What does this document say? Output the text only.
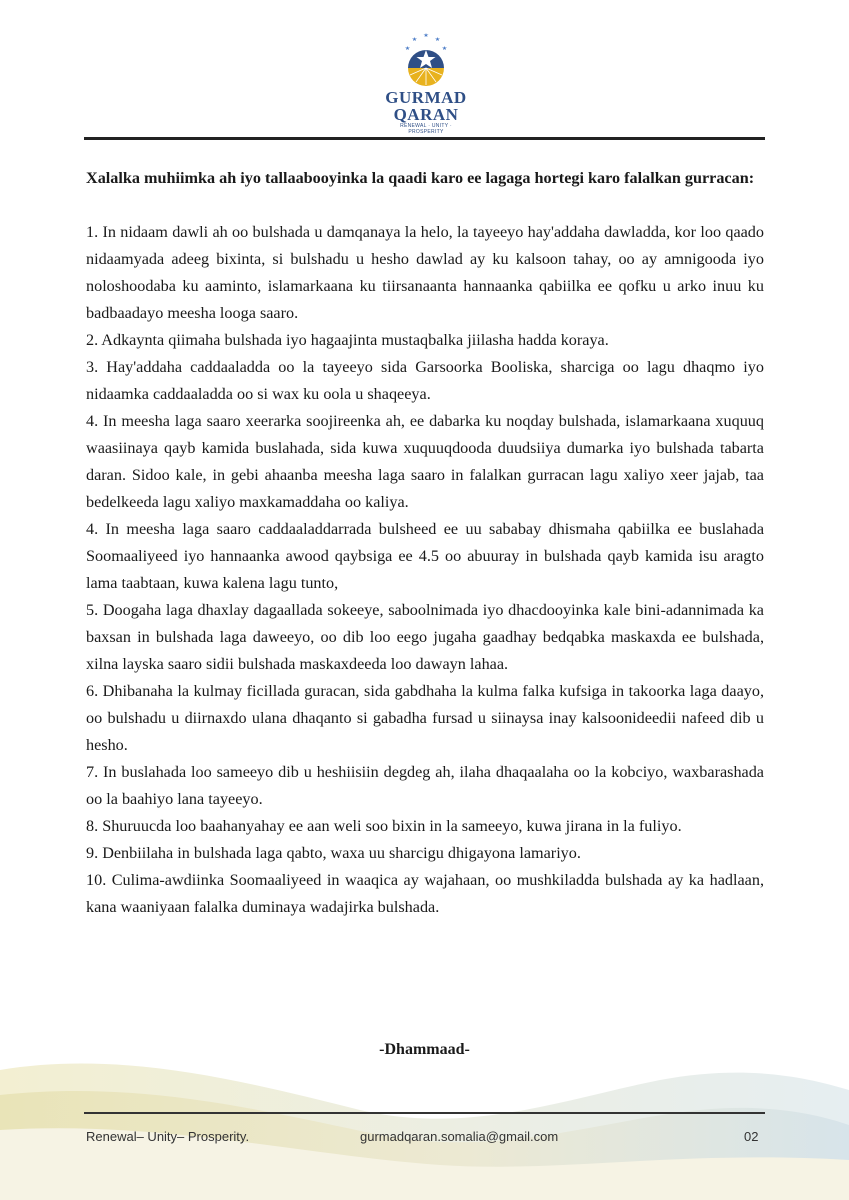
GURMAD
QARAN
RENEWAL · UNITY · PROSPERITY

Xalalka muhiimka ah iyo tallaabooyinka la qaadi karo ee lagaga hortegi karo falalkan gurracan:

1. In nidaam dawli ah oo bulshada u damqanaya la helo, la tayeeyo hay'addaha dawladda, kor loo qaado nidaamyada adeeg bixinta, si bulshadu u hesho dawlad ay ku kalsoon tahay, oo ay amnigooda iyo noloshoodaba ku aaminto, islamarkaana ku tiirsanaanta hannaanka qabiilka ee qofku u arko inuu ku badbaadayo meesha looga saaro.

2. Adkaynta qiimaha bulshada iyo hagaajinta mustaqbalka jiilasha hadda koraya.

3. Hay'addaha caddaaladda oo la tayeeyo sida Garsoorka Booliska, sharciga oo lagu dhaqmo iyo nidaamka caddaaladda oo si wax ku oola u shaqeeya.

4. In meesha laga saaro xeerarka soojireenka ah, ee dabarka ku noqday bulshada, islamarkaana xuquuq waasiinaya qayb kamida buslahada, sida kuwa xuquuqdooda duudsiiya dumarka iyo bulshada tabarta daran. Sidoo kale, in gebi ahaanba meesha laga saaro in falalkan gurracan lagu xaliyo xeer jajab, taa bedelkeeda lagu xaliyo maxkamaddaha oo kaliya.

4. In meesha laga saaro caddaaladdarrada bulsheed ee uu sababay dhismaha qabiilka ee buslahada Soomaaliyeed iyo hannaanka awood qaybsiga ee 4.5 oo abuuray in bulshada qayb kamida isu aragto lama taabtaan, kuwa kalena lagu tunto,

5. Doogaha laga dhaxlay dagaallada sokeeye, saboolnimada iyo dhacdooyinka kale bini-adannimada ka baxsan in bulshada laga daweeyo, oo dib loo eego jugaha gaadhay bedqabka maskaxda ee bulshada, xilna layska saaro sidii bulshada maskaxdeeda loo dawayn lahaa.

6. Dhibanaha la kulmay ficillada guracan, sida gabdhaha la kulma falka kufsiga in takoorka laga daayo, oo bulshadu u diirnaxdo ulana dhaqanto si gabadha fursad u siinaysa inay kalsoonideedii nafeed dib u hesho.

7. In buslahada loo sameeyo dib u heshiisiin degdeg ah, ilaha dhaqaalaha oo la kobciyo, waxbarashada oo la baahiyo lana tayeeyo.

8. Shuruucda loo baahanyahay ee aan weli soo bixin in la sameeyo, kuwa jirana in la fuliyo.

9. Denbiilaha in bulshada laga qabto, waxa uu sharcigu dhigayona lamariyo.

10. Culima-awdiinka Soomaaliyeed in waaqica ay wajahaan, oo mushkiladda bulshada ay ka hadlaan, kana waaniyaan falalka duminaya wadajirka bulshada.

-Dhammaad-
Renewal– Unity– Prosperity.	gurmadqaran.somalia@gmail.com	02
